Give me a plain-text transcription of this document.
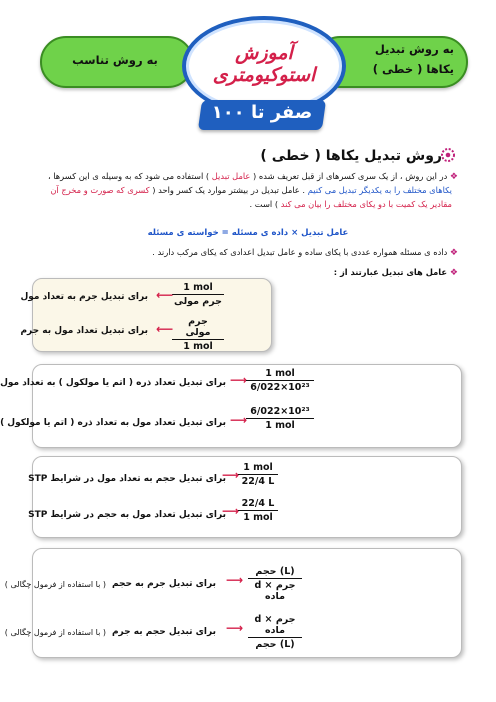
به روش تناسب
به روش تبدیل
یکاها ( خطی )
آموزش استوکیومتری
صفر تا ۱۰۰
روش تبدیل یکاها ( خطی )
❖ در این روش ، از یک سری کسرهای از قبل تعریف شده ( عامل تبدیل ) استفاده می شود که به وسیله ی این کسرها ،
یکاهای مختلف را به یکدیگر تبدیل می کنیم . عامل تبدیل در بیشتر موارد یک کسر واحد ( کسری که صورت و مخرج آن
مقادیر یک کمیت با دو یکای مختلف را بیان می کند ) است .
عامل تبدیل × داده ی مسئله = خواسته ی مسئله
❖ داده ی مسئله همواره عددی با یکای ساده و عامل تبدیل اعدادی که یکای مرکب دارند .
❖ عامل های تبدیل عبارتند از :
1 mol
جرم مولی
⟵
برای تبدیل جرم به تعداد مول
جرم مولی
1 mol
⟵
برای تبدیل تعداد مول به جرم
برای تبدیل تعداد ذره ( اتم یا مولکول ) به تعداد مول ⟶	1 mol
6/022×10²³
برای تبدیل تعداد مول به تعداد ذره ( اتم یا مولکول ) ⟶
6/022×10²³
1 mol
برای تبدیل حجم به تعداد مول در شرایط STP
⟶
1 mol
22/4 L
برای تبدیل تعداد مول به حجم در شرایط STP
⟶
22/4 L
1 mol
( با استفاده از فرمول چگالی ) برای تبدیل جرم به حجم ⟶
حجم (L)
d × جرم ماده
( با استفاده از فرمول چگالی ) برای تبدیل حجم به جرم ⟶
d × جرم ماده
حجم (L)
